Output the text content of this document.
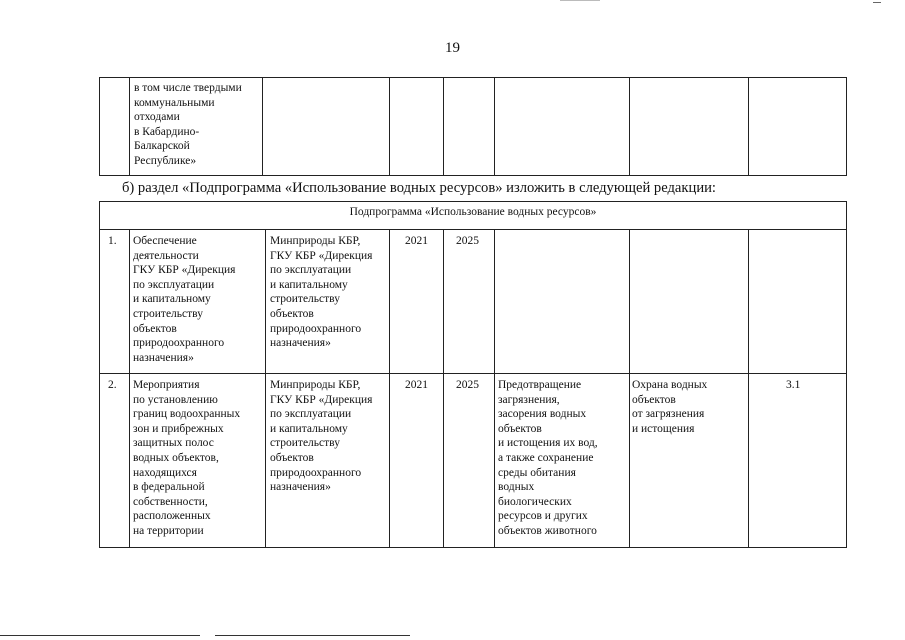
19
в том числе твердыми
коммунальными
отходами
в Кабардино-
Балкарской
Республике»
б) раздел «Подпрограмма «Использование водных ресурсов» изложить в следующей редакции:
Подпрограмма «Использование водных ресурсов»
1. Обеспечение
деятельности
ГКУ КБР «Дирекция
по эксплуатации
и капитальному
строительству
объектов
природоохранного
назначения»
Минприроды КБР,
ГКУ КБР «Дирекция
по эксплуатации
и капитальному
строительству
объектов
природоохранного
назначения»
2021 2025
2. Мероприятия
по установлению
границ водоохранных
зон и прибрежных
защитных полос
водных объектов,
находящихся
в федеральной
собственности,
расположенных
на территории
Минприроды КБР,
ГКУ КБР «Дирекция
по эксплуатации
и капитальному
строительству
объектов
природоохранного
назначения»
2021 2025 Предотвращение
загрязнения,
засорения водных
объектов
и истощения их вод,
а также сохранение
среды обитания
водных
биологических
ресурсов и других
объектов животного
Охрана водных
объектов
от загрязнения
и истощения
3.1
